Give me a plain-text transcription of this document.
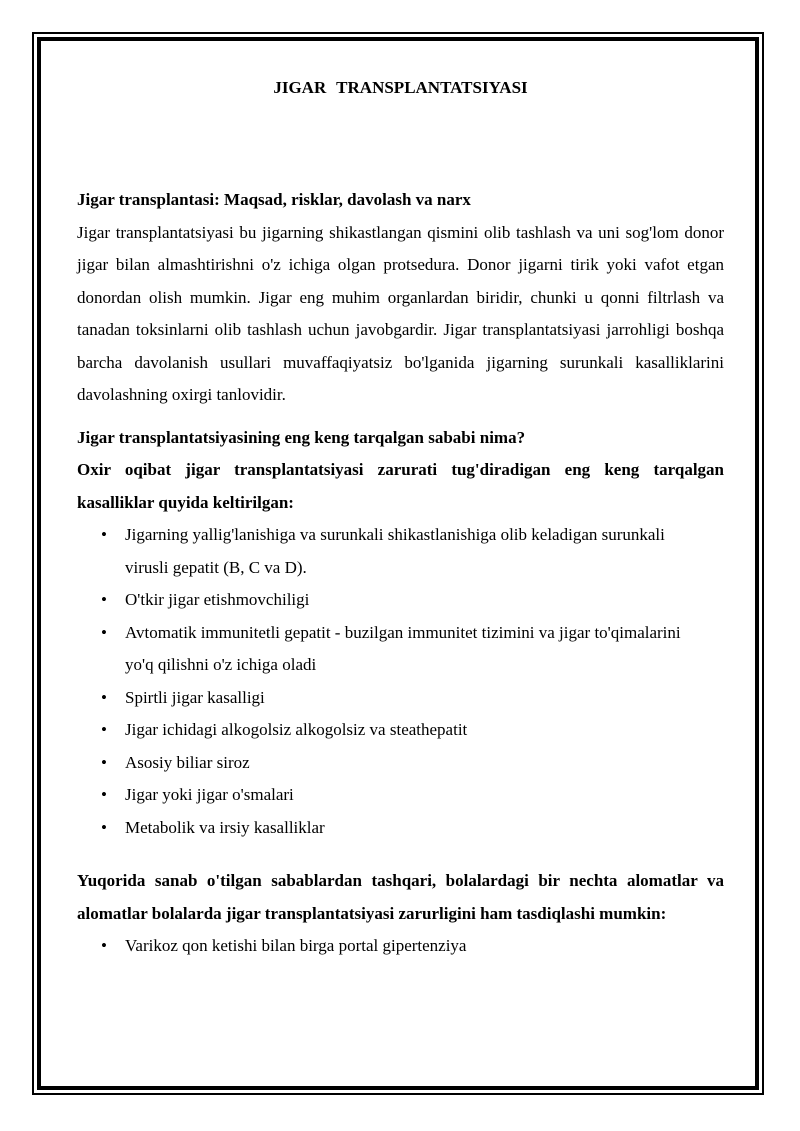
JIGAR TRANSPLANTATSIYASI

Jigar transplantasi: Maqsad, risklar, davolash va narx

Jigar transplantatsiyasi bu jigarning shikastlangan qismini olib tashlash va uni sog'lom donor jigar bilan almashtirishni o'z ichiga olgan protsedura. Donor jigarni tirik yoki vafot etgan donordan olish mumkin. Jigar eng muhim organlardan biridir, chunki u qonni filtrlash va tanadan toksinlarni olib tashlash uchun javobgardir. Jigar transplantatsiyasi jarrohligi boshqa barcha davolanish usullari muvaffaqiyatsiz bo'lganida jigarning surunkali kasalliklarini davolashning oxirgi tanlovidir.

Jigar transplantatsiyasining eng keng tarqalgan sababi nima?

Oxir oqibat jigar transplantatsiyasi zarurati tug'diradigan eng keng tarqalgan kasalliklar quyida keltirilgan:

• Jigarning yallig'lanishiga va surunkali shikastlanishiga olib keladigan surunkali virusli gepatit (B, C va D).
• O'tkir jigar etishmovchiligi
• Avtomatik immunitetli gepatit - buzilgan immunitet tizimini va jigar to'qimalarini yo'q qilishni o'z ichiga oladi
• Spirtli jigar kasalligi
• Jigar ichidagi alkogolsiz alkogolsiz va steathepatit
• Asosiy biliar siroz
• Jigar yoki jigar o'smalari
• Metabolik va irsiy kasalliklar

Yuqorida sanab o'tilgan sabablardan tashqari, bolalardagi bir nechta alomatlar va alomatlar bolalarda jigar transplantatsiyasi zarurligini ham tasdiqlashi mumkin:

• Varikoz qon ketishi bilan birga portal gipertenziya
